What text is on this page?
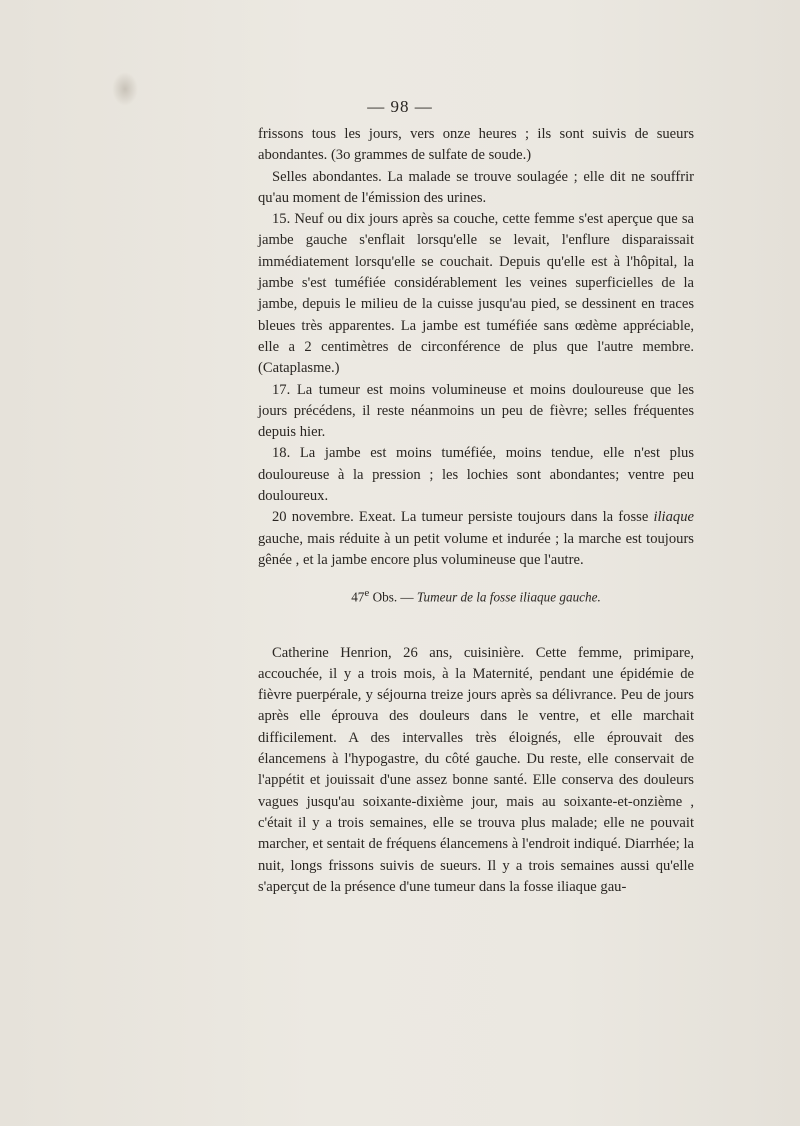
— 98 —

frissons tous les jours, vers onze heures ; ils sont suivis de sueurs abondantes. (3o grammes de sulfate de soude.)

Selles abondantes. La malade se trouve soulagée ; elle dit ne souffrir qu'au moment de l'émission des urines.

15. Neuf ou dix jours après sa couche, cette femme s'est aperçue que sa jambe gauche s'enflait lorsqu'elle se levait, l'enflure disparaissait immédiatement lorsqu'elle se couchait. Depuis qu'elle est à l'hôpital, la jambe s'est tuméfiée considérablement les veines superficielles de la jambe, depuis le milieu de la cuisse jusqu'au pied, se dessinent en traces bleues très apparentes. La jambe est tuméfiée sans œdème appréciable, elle a 2 centimètres de circonférence de plus que l'autre membre. (Cataplasme.)

17. La tumeur est moins volumineuse et moins douloureuse que les jours précédens, il reste néanmoins un peu de fièvre; selles fréquentes depuis hier.

18. La jambe est moins tuméfiée, moins tendue, elle n'est plus douloureuse à la pression ; les lochies sont abondantes; ventre peu douloureux.

20 novembre. Exeat. La tumeur persiste toujours dans la fosse iliaque gauche, mais réduite à un petit volume et indurée ; la marche est toujours gênée , et la jambe encore plus volumineuse que l'autre.

47e Obs. — Tumeur de la fosse iliaque gauche.

Catherine Henrion, 26 ans, cuisinière. Cette femme, primipare, accouchée, il y a trois mois, à la Maternité, pendant une épidémie de fièvre puerpérale, y séjourna treize jours après sa délivrance. Peu de jours après elle éprouva des douleurs dans le ventre, et elle marchait difficilement. A des intervalles très éloignés, elle éprouvait des élancemens à l'hypogastre, du côté gauche. Du reste, elle conservait de l'appétit et jouissait d'une assez bonne santé. Elle conserva des douleurs vagues jusqu'au soixante-dixième jour, mais au soixante-et-onzième , c'était il y a trois semaines, elle se trouva plus malade; elle ne pouvait marcher, et sentait de fréquens élancemens à l'endroit indiqué. Diarrhée; la nuit, longs frissons suivis de sueurs. Il y a trois semaines aussi qu'elle s'aperçut de la présence d'une tumeur dans la fosse iliaque gau-
